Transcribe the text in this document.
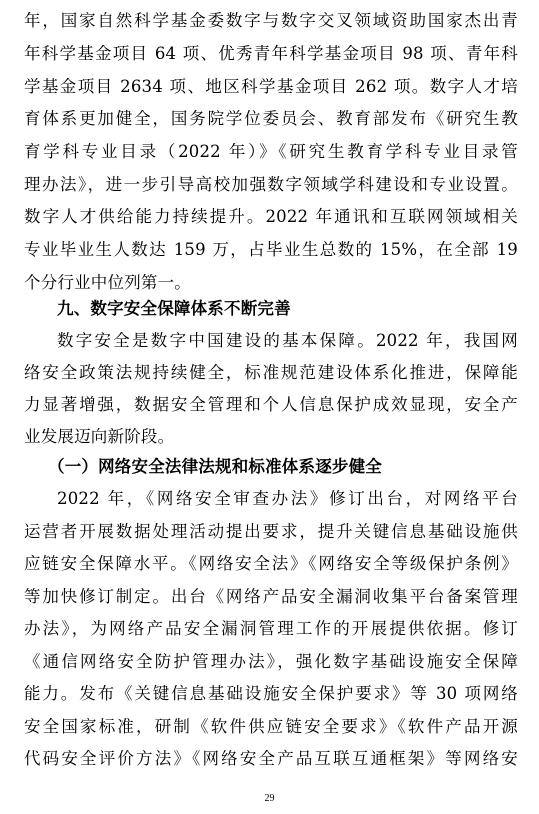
年，国家自然科学基金委数字与数字交叉领域资助国家杰出青
年科学基金项目 64 项、优秀青年科学基金项目 98 项、青年科
学基金项目 2634 项、地区科学基金项目 262 项。数字人才培
育体系更加健全，国务院学位委员会、教育部发布《研究生教
育学科专业目录（2022 年）》《研究生教育学科专业目录管
理办法》，进一步引导高校加强数字领域学科建设和专业设置。
数字人才供给能力持续提升。2022 年通讯和互联网领域相关
专业毕业生人数达 159 万，占毕业生总数的 15%，在全部 19
个分行业中位列第一。
九、数字安全保障体系不断完善
数字安全是数字中国建设的基本保障。2022 年，我国网
络安全政策法规持续健全，标准规范建设体系化推进，保障能
力显著增强，数据安全管理和个人信息保护成效显现，安全产
业发展迈向新阶段。
（一）网络安全法律法规和标准体系逐步健全
2022 年，《网络安全审查办法》修订出台，对网络平台
运营者开展数据处理活动提出要求，提升关键信息基础设施供
应链安全保障水平。《网络安全法》《网络安全等级保护条例》
等加快修订制定。出台《网络产品安全漏洞收集平台备案管理
办法》，为网络产品安全漏洞管理工作的开展提供依据。修订
《通信网络安全防护管理办法》，强化数字基础设施安全保障
能力。发布《关键信息基础设施安全保护要求》等 30 项网络
安全国家标准，研制《软件供应链安全要求》《软件产品开源
代码安全评价方法》《网络安全产品互联互通框架》等网络安
29
